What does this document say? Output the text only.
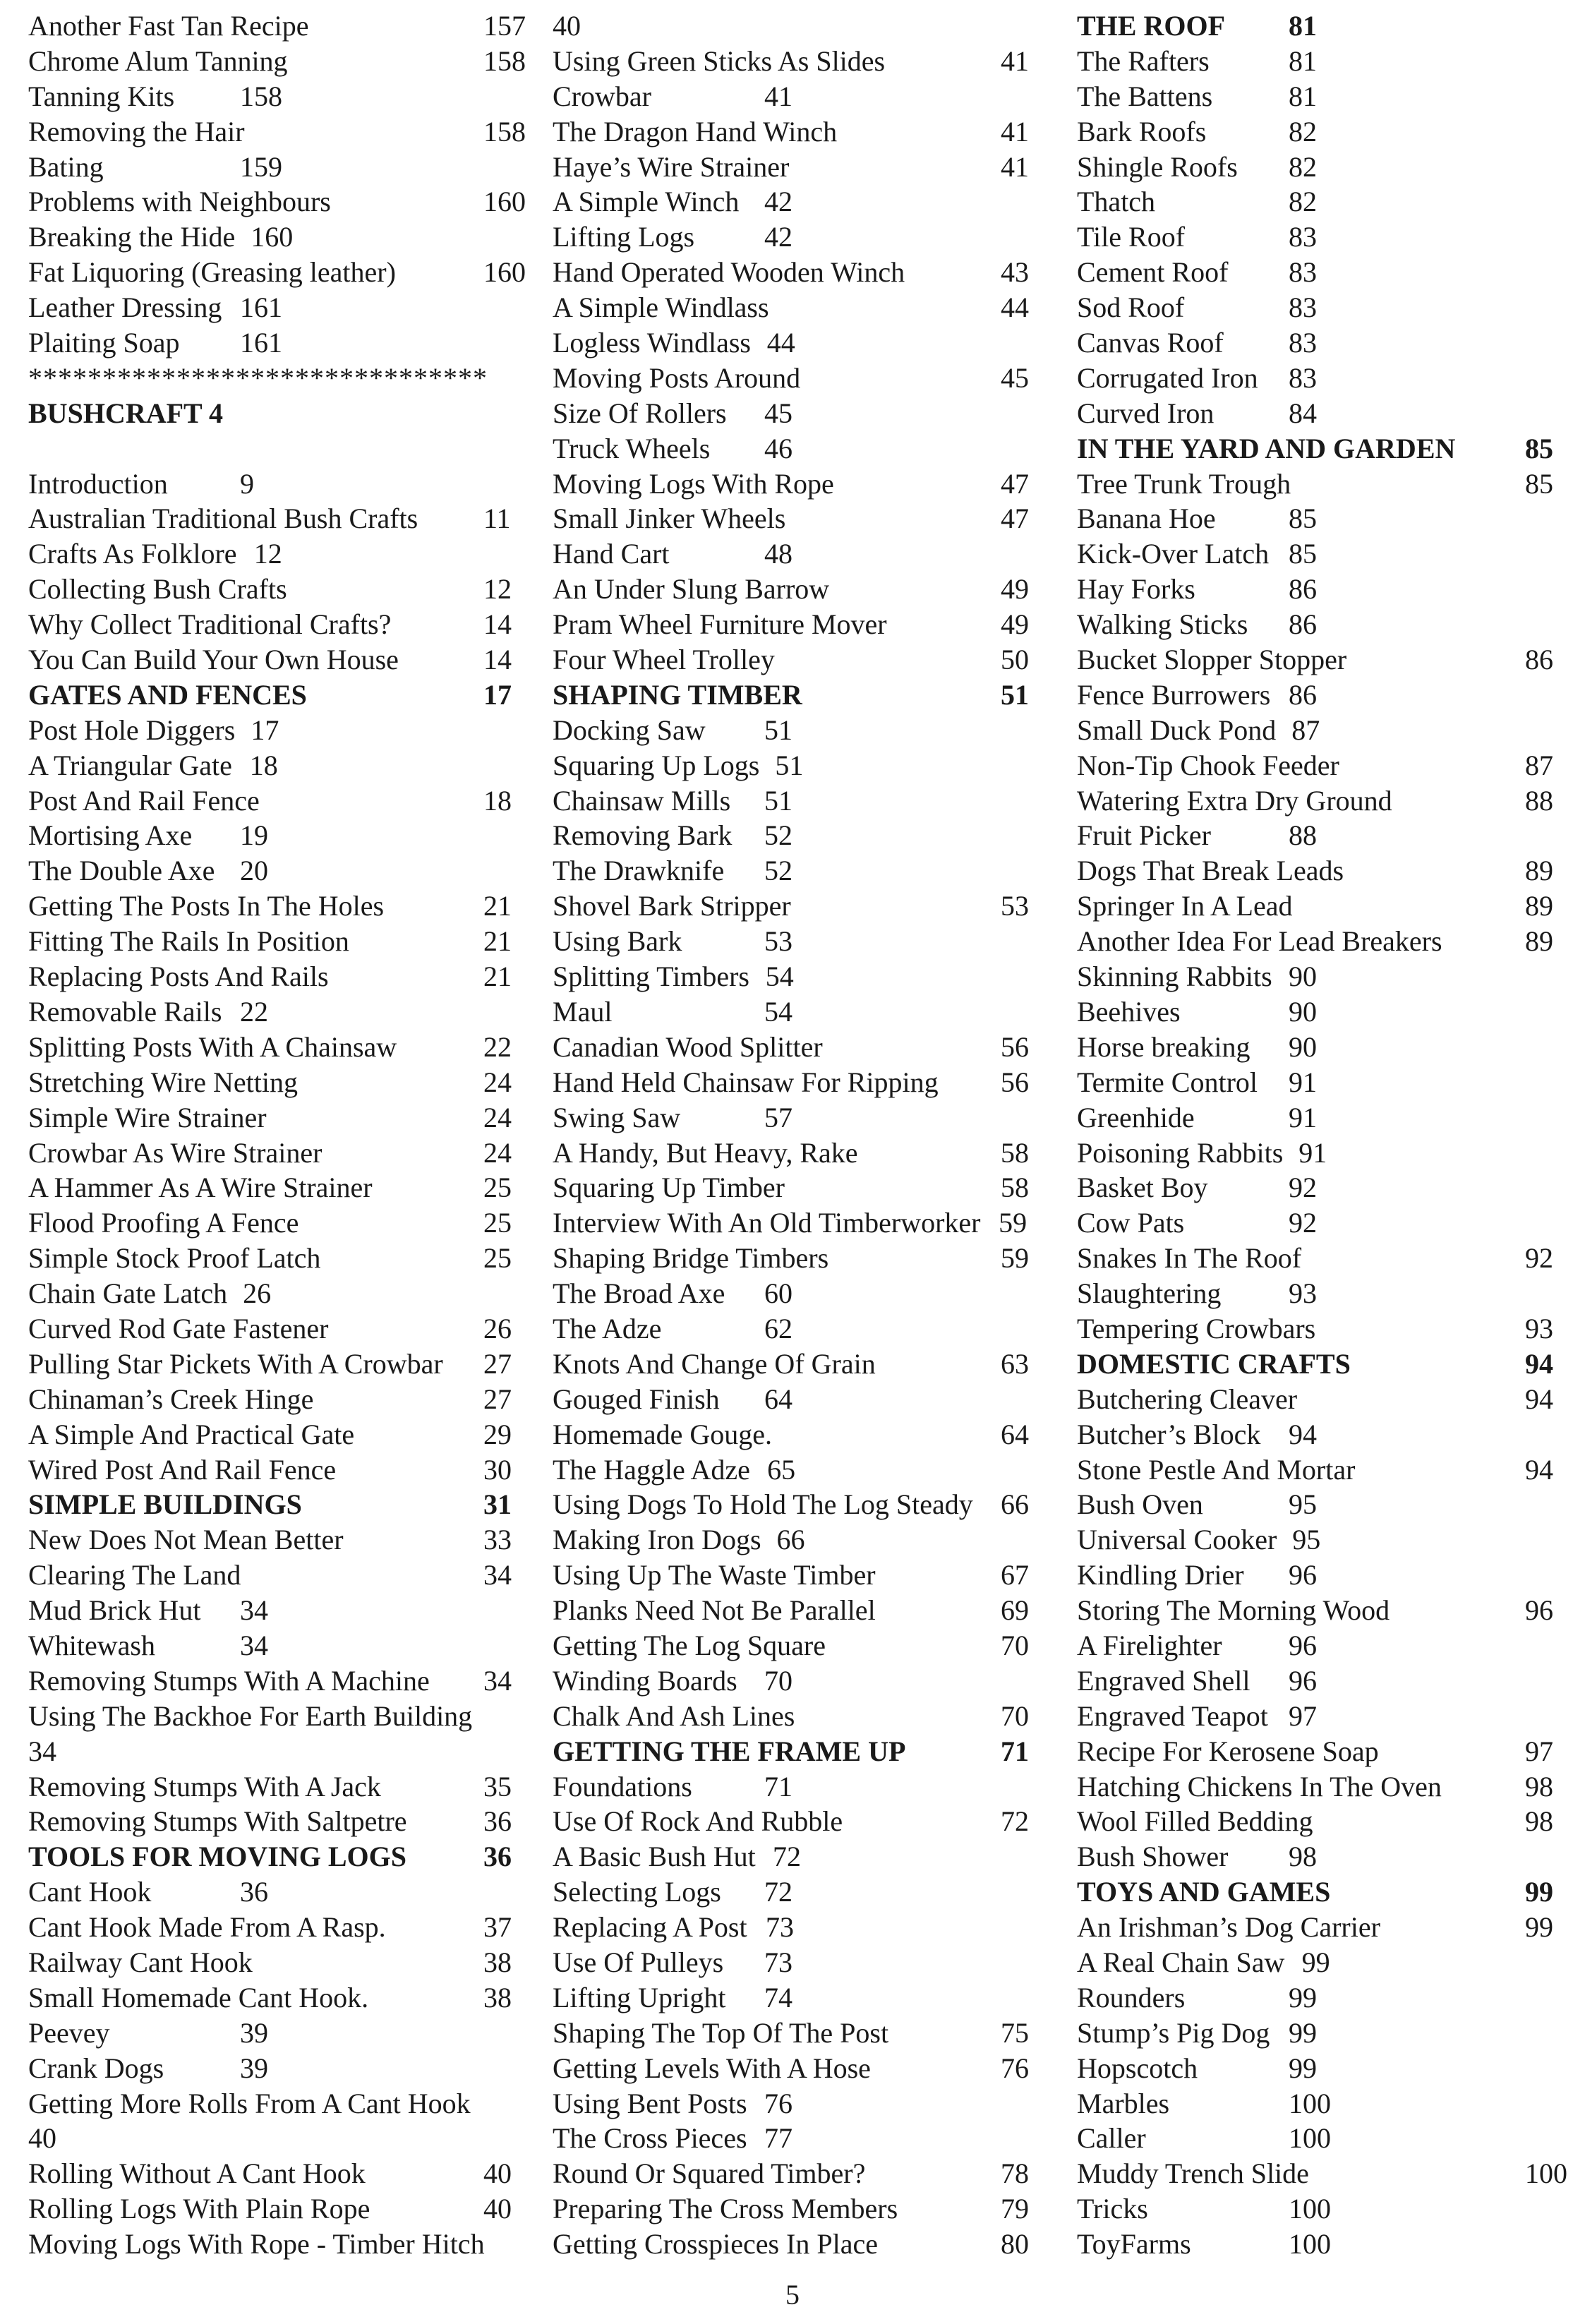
Another Fast Tan Recipe	157
Chrome Alum Tanning	158
Tanning Kits 158
Removing the Hair	158
Bating	159
Problems with Neighbours	160
Breaking the Hide 160
Fat Liquoring (Greasing leather)	160
Leather Dressing 161
Plaiting Soap 161
*******************************
BUSHCRAFT 4
Introduction	9
Australian Traditional Bush Crafts 11
Crafts As Folklore 12
Collecting Bush Crafts	12
Why Collect Traditional Crafts?	14
You Can Build Your Own House	14
GATES AND FENCES	17
Post Hole Diggers 17
A Triangular Gate 18
Post And Rail Fence	18
Mortising Axe 19
The Double Axe 20
Getting The Posts In The Holes	21
Fitting The Rails In Position	21
Replacing Posts And Rails	21
Removable Rails 22
Splitting Posts With A Chainsaw	22
Stretching Wire Netting	24
Simple Wire Strainer	24
Crowbar As Wire Strainer	24
A Hammer As A Wire Strainer	25
Flood Proofing A Fence	25
Simple Stock Proof Latch	25
Chain Gate Latch 26
Curved Rod Gate Fastener	26
Pulling Star Pickets With A Crowbar 27
Chinaman’s Creek Hinge	27
A Simple And Practical Gate	29
Wired Post And Rail Fence	30
SIMPLE BUILDINGS	31
New Does Not Mean Better	33
Clearing The Land	34
Mud Brick Hut 34
Whitewash	34
Removing Stumps With A Machine 34
Using The Backhoe For Earth Building
34
Removing Stumps With A Jack	35
Removing Stumps With Saltpetre	36
TOOLS FOR MOVING LOGS	36
Cant Hook	36
Cant Hook Made From A Rasp.	37
Railway Cant Hook	38
Small Homemade Cant Hook.	38
Peevey	39
Crank Dogs	39
Getting More Rolls From A Cant Hook
40
Rolling Without A Cant Hook	40
Rolling Logs With Plain Rope	40
Moving Logs With Rope - Timber Hitch
40
Using Green Sticks As Slides	41
Crowbar	41
The Dragon Hand Winch	41
Haye’s Wire Strainer	41
A Simple Winch 42
Lifting Logs 42
Hand Operated Wooden Winch	43
A Simple Windlass	44
Logless Windlass 44
Moving Posts Around	45
Size Of Rollers 45
Truck Wheels 46
Moving Logs With Rope	47
Small Jinker Wheels	47
Hand Cart	48
An Under Slung Barrow	49
Pram Wheel Furniture Mover	49
Four Wheel Trolley	50
SHAPING TIMBER	51
Docking Saw 51
Squaring Up Logs 51
Chainsaw Mills 51
Removing Bark 52
The Drawknife 52
Shovel Bark Stripper	53
Using Bark	53
Splitting Timbers 54
Maul	54
Canadian Wood Splitter	56
Hand Held Chainsaw For Ripping 56
Swing Saw	57
A Handy, But Heavy, Rake	58
Squaring Up Timber	58
Interview With An Old Timberworker 59
Shaping Bridge Timbers	59
The Broad Axe 60
The Adze	62
Knots And Change Of Grain	63
Gouged Finish 64
Homemade Gouge.	64
The Haggle Adze 65
Using Dogs To Hold The Log Steady 66
Making Iron Dogs 66
Using Up The Waste Timber	67
Planks Need Not Be Parallel	69
Getting The Log Square	70
Winding Boards 70
Chalk And Ash Lines	70
GETTING THE FRAME UP	71
Foundations	71
Use Of Rock And Rubble	72
A Basic Bush Hut 72
Selecting Logs 72
Replacing A Post 73
Use Of Pulleys 73
Lifting Upright 74
Shaping The Top Of The Post	75
Getting Levels With A Hose	76
Using Bent Posts 76
The Cross Pieces 77
Round Or Squared Timber?	78
Preparing The Cross Members	79
Getting Crosspieces In Place	80
THE ROOF 81
The Rafters	81
The Battens	81
Bark Roofs	82
Shingle Roofs 82
Thatch	82
Tile Roof	83
Cement Roof 83
Sod Roof	83
Canvas Roof 83
Corrugated Iron 83
Curved Iron	84
IN THE YARD AND GARDEN 85
Tree Trunk Trough	85
Banana Hoe	85
Kick-Over Latch 85
Hay Forks	86
Walking Sticks 86
Bucket Slopper Stopper	86
Fence Burrowers 86
Small Duck Pond 87
Non-Tip Chook Feeder	87
Watering Extra Dry Ground	88
Fruit Picker	88
Dogs That Break Leads	89
Springer In A Lead	89
Another Idea For Lead Breakers	89
Skinning Rabbits 90
Beehives	90
Horse breaking 90
Termite Control 91
Greenhide	91
Poisoning Rabbits 91
Basket Boy	92
Cow Pats	92
Snakes In The Roof	92
Slaughtering 93
Tempering Crowbars	93
DOMESTIC CRAFTS	94
Butchering Cleaver	94
Butcher’s Block 94
Stone Pestle And Mortar	94
Bush Oven	95
Universal Cooker 95
Kindling Drier 96
Storing The Morning Wood	96
A Firelighter 96
Engraved Shell 96
Engraved Teapot 97
Recipe For Kerosene Soap	97
Hatching Chickens In The Oven	98
Wool Filled Bedding	98
Bush Shower 98
TOYS AND GAMES	99
An Irishman’s Dog Carrier	99
A Real Chain Saw 99
Rounders	99
Stump’s Pig Dog 99
Hopscotch	99
Marbles	100
Caller	100
Muddy Trench Slide	100
Tricks	100
ToyFarms	100
5
